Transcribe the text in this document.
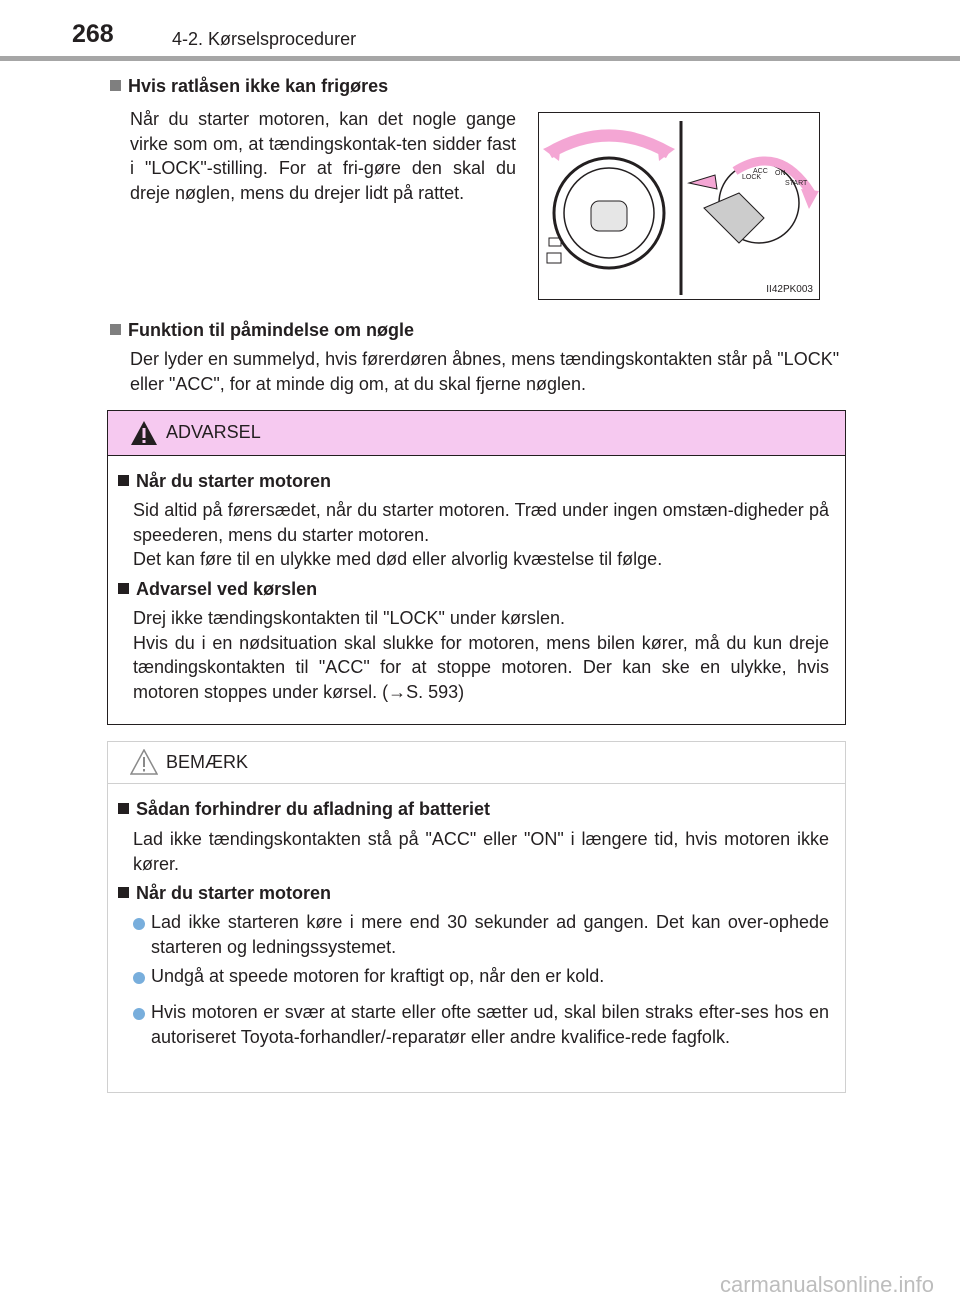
268	4-2. Kørselsprocedurer
Hvis ratlåsen ikke kan frigøres
Når du starter motoren, kan det nogle gange virke som om, at tændingskontak-ten sidder fast i "LOCK"-stilling. For at fri-gøre den skal du dreje nøglen, mens du drejer lidt på rattet.
LOCK
ACC ON
START
II42PK003
Funktion til påmindelse om nøgle
Der lyder en summelyd, hvis førerdøren åbnes, mens tændingskontakten står på "LOCK" eller "ACC", for at minde dig om, at du skal fjerne nøglen.
ADVARSEL
Når du starter motoren
Sid altid på førersædet, når du starter motoren. Træd under ingen omstæn-digheder på speederen, mens du starter motoren.
Det kan føre til en ulykke med død eller alvorlig kvæstelse til følge.
Advarsel ved kørslen
Drej ikke tændingskontakten til "LOCK" under kørslen.
Hvis du i en nødsituation skal slukke for motoren, mens bilen kører, må du kun dreje tændingskontakten til "ACC" for at stoppe motoren. Der kan ske en ulykke, hvis motoren stoppes under kørsel. (→S. 593)
BEMÆRK
Sådan forhindrer du afladning af batteriet
Lad ikke tændingskontakten stå på "ACC" eller "ON" i længere tid, hvis motoren ikke kører.
Når du starter motoren
Lad ikke starteren køre i mere end 30 sekunder ad gangen. Det kan over-ophede starteren og ledningssystemet.
Undgå at speede motoren for kraftigt op, når den er kold.
Hvis motoren er svær at starte eller ofte sætter ud, skal bilen straks efter-ses hos en autoriseret Toyota-forhandler/-reparatør eller andre kvalifice-rede fagfolk.
carmanualsonline.info
